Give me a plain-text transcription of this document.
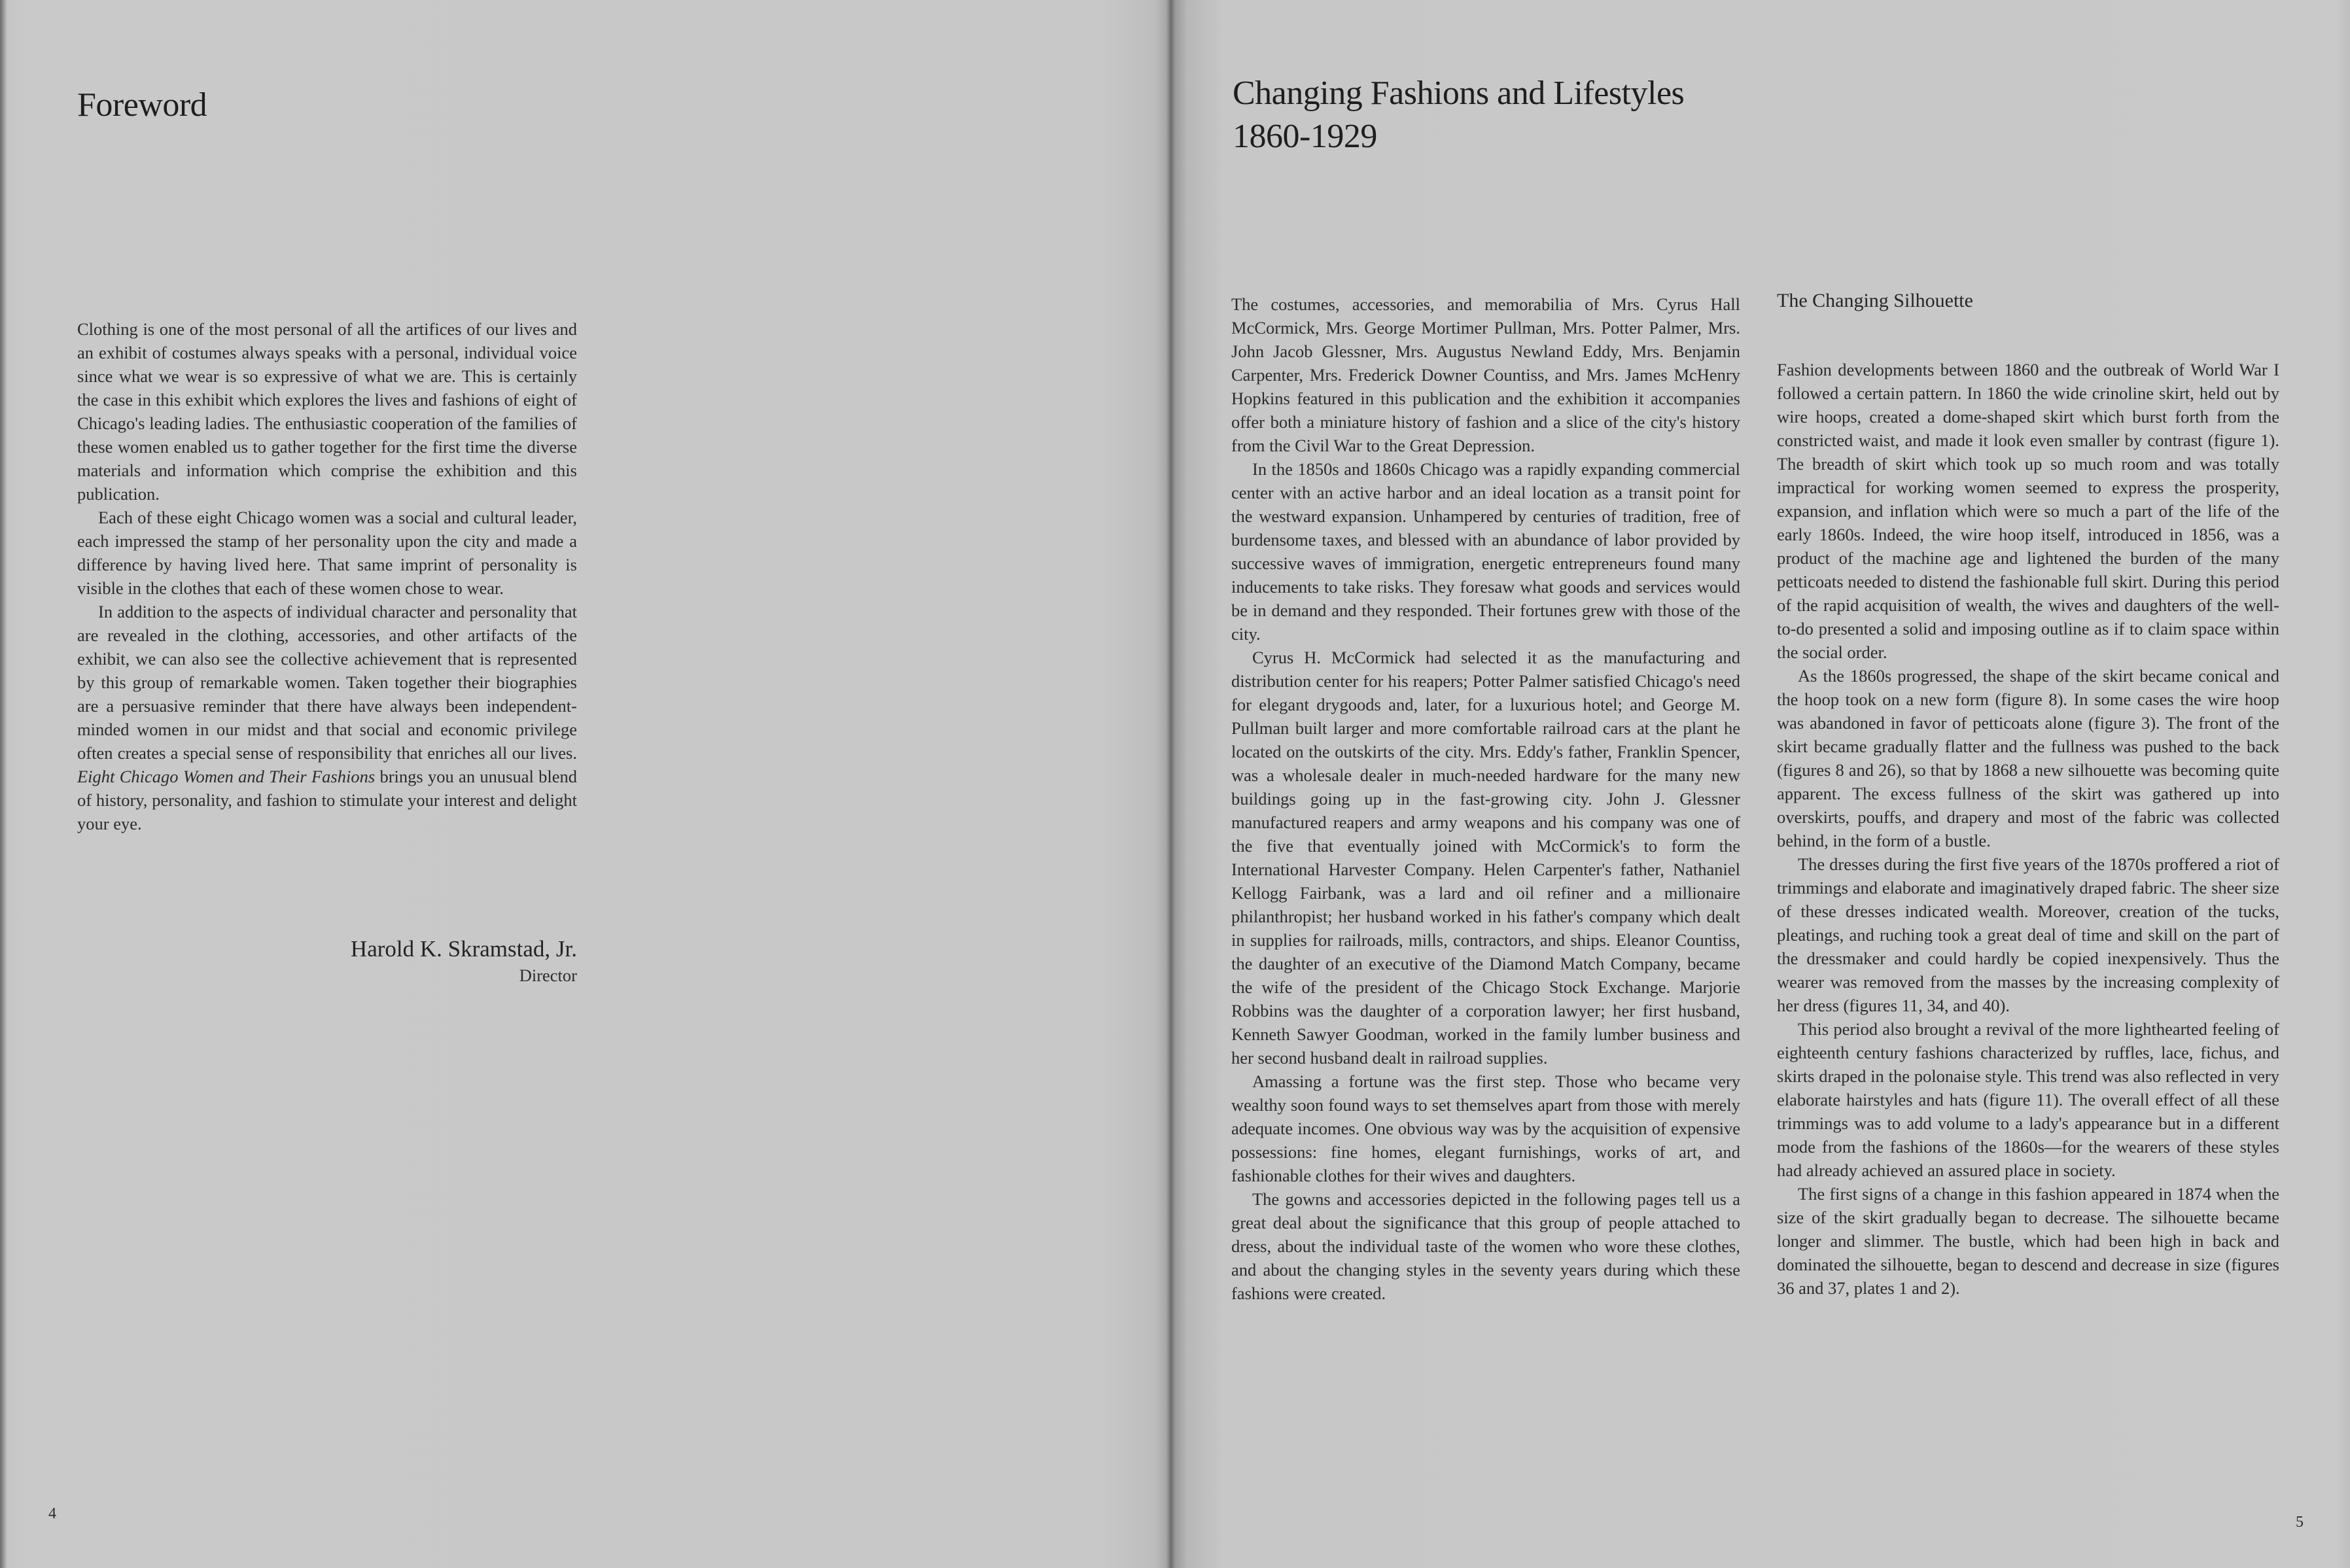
Foreword

Clothing is one of the most personal of all the artifices of our lives and an exhibit of costumes always speaks with a personal, individual voice since what we wear is so expressive of what we are. This is certainly the case in this exhibit which explores the lives and fashions of eight of Chicago's leading ladies. The enthusiastic cooperation of the families of these women enabled us to gather together for the first time the diverse materials and information which comprise the exhibition and this publication.

Each of these eight Chicago women was a social and cultural leader, each impressed the stamp of her personality upon the city and made a difference by having lived here. That same imprint of personality is visible in the clothes that each of these women chose to wear.

In addition to the aspects of individual character and personality that are revealed in the clothing, accessories, and other artifacts of the exhibit, we can also see the collective achievement that is represented by this group of remarkable women. Taken together their biographies are a persuasive reminder that there have always been independent-minded women in our midst and that social and economic privilege often creates a special sense of responsibility that enriches all our lives. Eight Chicago Women and Their Fashions brings you an unusual blend of history, personality, and fashion to stimulate your interest and delight your eye.

Harold K. Skramstad, Jr.
Director
4	5
Changing Fashions and Lifestyles
1860-1929

The costumes, accessories, and memorabilia of Mrs. Cyrus Hall McCormick, Mrs. George Mortimer Pullman, Mrs. Potter Palmer, Mrs. John Jacob Glessner, Mrs. Augustus Newland Eddy, Mrs. Benjamin Carpenter, Mrs. Frederick Downer Countiss, and Mrs. James McHenry Hopkins featured in this publication and the exhibition it accompanies offer both a miniature history of fashion and a slice of the city's history from the Civil War to the Great Depression.

In the 1850s and 1860s Chicago was a rapidly expanding commercial center with an active harbor and an ideal location as a transit point for the westward expansion. Unhampered by centuries of tradition, free of burdensome taxes, and blessed with an abundance of labor provided by successive waves of immigration, energetic entrepreneurs found many inducements to take risks. They foresaw what goods and services would be in demand and they responded. Their fortunes grew with those of the city.

Cyrus H. McCormick had selected it as the manufacturing and distribution center for his reapers; Potter Palmer satisfied Chicago's need for elegant drygoods and, later, for a luxurious hotel; and George M. Pullman built larger and more comfortable railroad cars at the plant he located on the outskirts of the city. Mrs. Eddy's father, Franklin Spencer, was a wholesale dealer in much-needed hardware for the many new buildings going up in the fast-growing city. John J. Glessner manufactured reapers and army weapons and his company was one of the five that eventually joined with McCormick's to form the International Harvester Company. Helen Carpenter's father, Nathaniel Kellogg Fairbank, was a lard and oil refiner and a millionaire philanthropist; her husband worked in his father's company which dealt in supplies for railroads, mills, contractors, and ships. Eleanor Countiss, the daughter of an executive of the Diamond Match Company, became the wife of the president of the Chicago Stock Exchange. Marjorie Robbins was the daughter of a corporation lawyer; her first husband, Kenneth Sawyer Goodman, worked in the family lumber business and her second husband dealt in railroad supplies.

Amassing a fortune was the first step. Those who became very wealthy soon found ways to set themselves apart from those with merely adequate incomes. One obvious way was by the acquisition of expensive possessions: fine homes, elegant furnishings, works of art, and fashionable clothes for their wives and daughters.

The gowns and accessories depicted in the following pages tell us a great deal about the significance that this group of people attached to dress, about the individual taste of the women who wore these clothes, and about the changing styles in the seventy years during which these fashions were created.

The Changing Silhouette

Fashion developments between 1860 and the outbreak of World War I followed a certain pattern. In 1860 the wide crinoline skirt, held out by wire hoops, created a dome-shaped skirt which burst forth from the constricted waist, and made it look even smaller by contrast (figure 1). The breadth of skirt which took up so much room and was totally impractical for working women seemed to express the prosperity, expansion, and inflation which were so much a part of the life of the early 1860s. Indeed, the wire hoop itself, introduced in 1856, was a product of the machine age and lightened the burden of the many petticoats needed to distend the fashionable full skirt. During this period of the rapid acquisition of wealth, the wives and daughters of the well-to-do presented a solid and imposing outline as if to claim space within the social order.

As the 1860s progressed, the shape of the skirt became conical and the hoop took on a new form (figure 8). In some cases the wire hoop was abandoned in favor of petticoats alone (figure 3). The front of the skirt became gradually flatter and the fullness was pushed to the back (figures 8 and 26), so that by 1868 a new silhouette was becoming quite apparent. The excess fullness of the skirt was gathered up into overskirts, pouffs, and drapery and most of the fabric was collected behind, in the form of a bustle.

The dresses during the first five years of the 1870s proffered a riot of trimmings and elaborate and imaginatively draped fabric. The sheer size of these dresses indicated wealth. Moreover, creation of the tucks, pleatings, and ruching took a great deal of time and skill on the part of the dressmaker and could hardly be copied inexpensively. Thus the wearer was removed from the masses by the increasing complexity of her dress (figures 11, 34, and 40).

This period also brought a revival of the more lighthearted feeling of eighteenth century fashions characterized by ruffles, lace, fichus, and skirts draped in the polonaise style. This trend was also reflected in very elaborate hairstyles and hats (figure 11). The overall effect of all these trimmings was to add volume to a lady's appearance but in a different mode from the fashions of the 1860s—for the wearers of these styles had already achieved an assured place in society.

The first signs of a change in this fashion appeared in 1874 when the size of the skirt gradually began to decrease. The silhouette became longer and slimmer. The bustle, which had been high in back and dominated the silhouette, began to descend and decrease in size (figures 36 and 37, plates 1 and 2).
